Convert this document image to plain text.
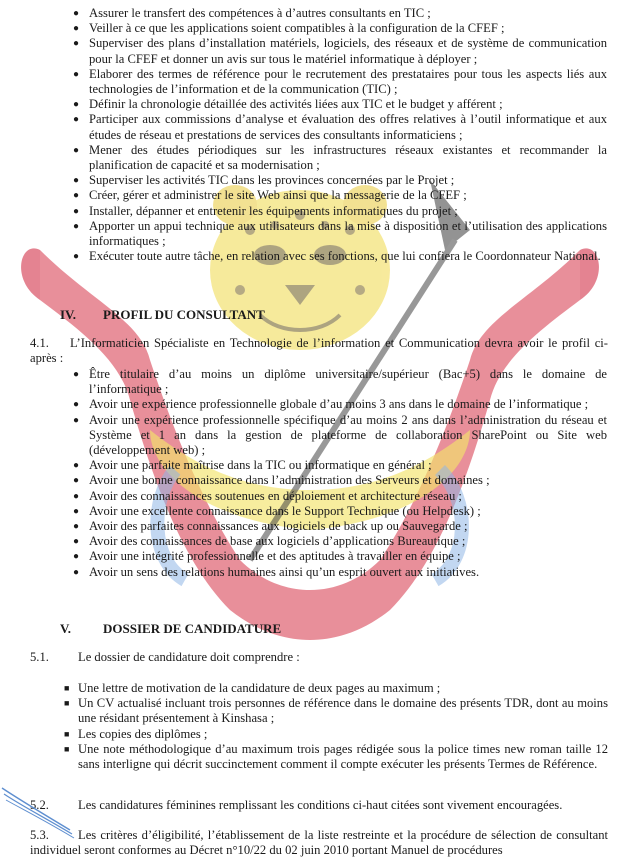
● Assurer le transfert des compétences à d’autres consultants en TIC ;
● Veiller à ce que les applications soient compatibles à la configuration de la CFEF ;
● Superviser des plans d’installation matériels, logiciels, des réseaux et de système de communication pour la CFEF et donner un avis sur tous le matériel informatique à déployer ;
● Elaborer des termes de référence pour le recrutement des prestataires pour tous les aspects liés aux technologies de l’information et de la communication (TIC) ;
● Définir la chronologie détaillée des activités liées aux TIC et le budget y afférent ;
● Participer aux commissions d’analyse et évaluation des offres relatives à l’outil informatique et aux études de réseau et prestations de services des consultants informaticiens ;
● Mener des études périodiques sur les infrastructures réseaux existantes et recommander la planification de capacité et sa modernisation ;
● Superviser les activités TIC dans les provinces concernées par le Projet ;
● Créer, gérer et administrer le site Web ainsi que la messagerie de la CFEF ;
● Installer, dépanner et entretenir les équipements informatiques du projet ;
● Apporter un appui technique aux utilisateurs dans la mise à disposition et l’utilisation des applications informatiques ;
● Exécuter toute autre tâche, en relation avec ses fonctions, que lui confiera le Coordonnateur National.
IV. PROFIL DU CONSULTANT
4.1. L’Informaticien Spécialiste en Technologie de l’information et Communication devra avoir le profil ci-après :
● Être titulaire d’au moins un diplôme universitaire/supérieur (Bac+5) dans le domaine de l’informatique ;
● Avoir une expérience professionnelle globale d’au moins 3 ans dans le domaine de l’informatique ;
● Avoir une expérience professionnelle spécifique d’au moins 2 ans dans l’administration du réseau et Système et 1 an dans la gestion de plateforme de collaboration SharePoint ou Site web (développement web) ;
● Avoir une parfaite maîtrise dans la TIC ou informatique en général ;
● Avoir une bonne connaissance dans l’administration des Serveurs et domaines ;
● Avoir des connaissances soutenues en déploiement et architecture réseau ;
● Avoir une excellente connaissance dans le Support Technique (ou Helpdesk) ;
● Avoir des parfaites connaissances aux logiciels de back up ou Sauvegarde ;
● Avoir des connaissances de base aux logiciels d’applications Bureautique ;
● Avoir une intégrité professionnelle et des aptitudes à travailler en équipe ;
● Avoir un sens des relations humaines ainsi qu’un esprit ouvert aux initiatives.
V. DOSSIER DE CANDIDATURE
5.1. Le dossier de candidature doit comprendre :
■ Une lettre de motivation de la candidature de deux pages au maximum ;
■ Un CV actualisé incluant trois personnes de référence dans le domaine des présents TDR, dont au moins une résidant présentement à Kinshasa ;
■ Les copies des diplômes ;
■ Une note méthodologique d’au maximum trois pages rédigée sous la police times new roman taille 12 sans interligne qui décrit succinctement comment il compte exécuter les présents Termes de Référence.
5.2. Les candidatures féminines remplissant les conditions ci-haut citées sont vivement encouragées.
5.3. Les critères d’éligibilité, l’établissement de la liste restreinte et la procédure de sélection de consultant individuel seront conformes au Décret n°10/22 du 02 juin 2010 portant Manuel de procédures
